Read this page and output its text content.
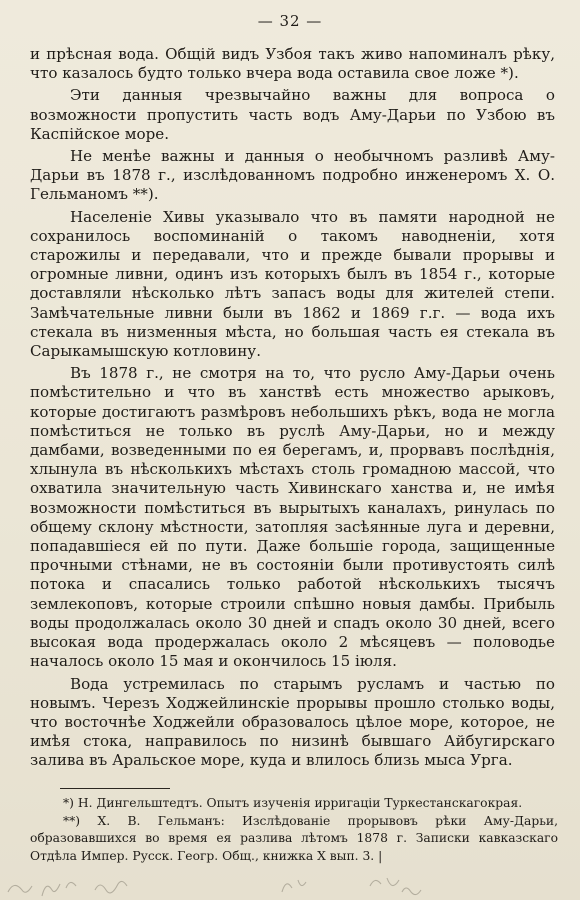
— 32 —

и прѣсная вода. Общій видъ Узбоя такъ живо напоминалъ рѣку, что казалось будто только вчера вода оставила свое ложе *).

Эти данныя чрезвычайно важны для вопроса о возможности пропустить часть водъ Аму-Дарьи по Узбою въ Каспійское море.

Не менѣе важны и данныя о необычномъ разливѣ Аму-Дарьи въ 1878 г., изслѣдованномъ подробно инженеромъ Х. О. Гельманомъ **).

Населеніе Хивы указывало что въ памяти народной не сохранилось воспоминаній о такомъ наводненіи, хотя старожилы и передавали, что и прежде бывали прорывы и огромные ливни, одинъ изъ которыхъ былъ въ 1854 г., которые доставляли нѣсколько лѣтъ запасъ воды для жителей степи. Замѣчательные ливни были въ 1862 и 1869 г.г. — вода ихъ стекала въ низменныя мѣста, но большая часть ея стекала въ Сарыкамышскую котловину.

Въ 1878 г., не смотря на то, что русло Аму-Дарьи очень помѣстительно и что въ ханствѣ есть множество арыковъ, которые достигаютъ размѣровъ небольшихъ рѣкъ, вода не могла помѣститься не только въ руслѣ Аму-Дарьи, но и между дамбами, возведенными по ея берегамъ, и, прорвавъ послѣднія, хлынула въ нѣсколькихъ мѣстахъ столь громадною массой, что охватила значительную часть Хивинскаго ханства и, не имѣя возможности помѣститься въ вырытыхъ каналахъ, ринулась по общему склону мѣстности, затопляя засѣянные луга и деревни, попадавшіеся ей по пути. Даже большіе города, защищенные прочными стѣнами, не въ состояніи были противустоять силѣ потока и спасались только работой нѣсколькихъ тысячъ землекоповъ, которые строили спѣшно новыя дамбы. Прибыль воды продолжалась около 30 дней и спадъ около 30 дней, всего высокая вода продержалась около 2 мѣсяцевъ — половодье началось около 15 мая и окончилось 15 іюля.

Вода устремилась по старымъ русламъ и частью по новымъ. Черезъ Ходжейлинскіе прорывы прошло столько воды, что восточнѣе Ходжейли образовалось цѣлое море, которое, не имѣя стока, направилось по низинѣ бывшаго Айбугирскаго залива въ Аральское море, куда и влилось близь мыса Урга.

*) Н. Дингельштедтъ. Опытъ изученія ирригаціи Туркестанскагокрая.

**) Х. В. Гельманъ: Изслѣдованіе прорывовъ рѣки Аму-Дарьи, образовавшихся во время ея разлива лѣтомъ 1878 г. Записки кавказскаго Отдѣла Импер. Русск. Геогр. Общ., книжка X вып. 3. |
